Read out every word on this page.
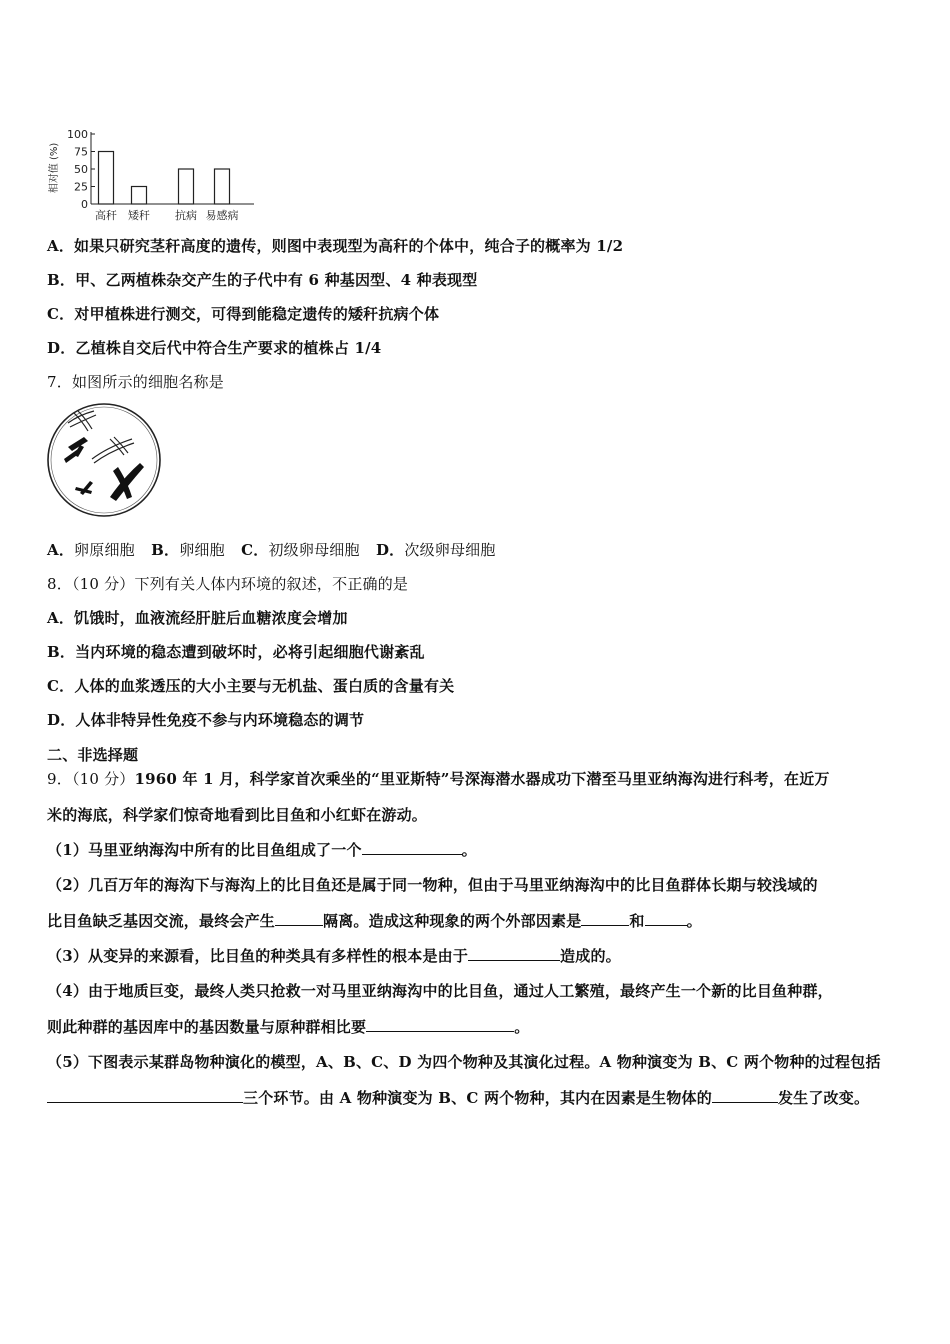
相对值 (%)
0
25
50
75
100
高秆 矮秆 抗病 易感病
A．如果只研究茎秆高度的遗传，则图中表现型为高秆的个体中，纯合子的概率为 1/2
B．甲、乙两植株杂交产生的子代中有 6 种基因型、4 种表现型
C．对甲植株进行测交，可得到能稳定遗传的矮秆抗病个体
D．乙植株自交后代中符合生产要求的植株占 1/4
7．如图所示的细胞名称是
A．卵原细胞 B．卵细胞 C．初级卵母细胞 D．次级卵母细胞
8．（10 分）下列有关人体内环境的叙述，不正确的是
A．饥饿时，血液流经肝脏后血糖浓度会增加
B．当内环境的稳态遭到破坏时，必将引起细胞代谢紊乱
C．人体的血浆透压的大小主要与无机盐、蛋白质的含量有关
D．人体非特异性免疫不参与内环境稳态的调节
二、非选择题
9．（10 分）1960 年 1 月，科学家首次乘坐的“里亚斯特”号深海潜水器成功下潜至马里亚纳海沟进行科考，在近万
米的海底，科学家们惊奇地看到比目鱼和小红虾在游动。
（1）马里亚纳海沟中所有的比目鱼组成了一个	。
（2）几百万年的海沟下与海沟上的比目鱼还是属于同一物种，但由于马里亚纳海沟中的比目鱼群体长期与较浅域的
比目鱼缺乏基因交流，最终会产生	隔离。造成这种现象的两个外部因素是	和	。
（3）从变异的来源看，比目鱼的种类具有多样性的根本是由于	造成的。
（4）由于地质巨变，最终人类只抢救一对马里亚纳海沟中的比目鱼，通过人工繁殖，最终产生一个新的比目鱼种群，
则此种群的基因库中的基因数量与原种群相比要	。
（5）下图表示某群岛物种演化的模型，A、B、C、D 为四个物种及其演化过程。A 物种演变为 B、C 两个物种的过程包括
三个环节。由 A 物种演变为 B、C 两个物种，其内在因素是生物体的	发生了改变。
